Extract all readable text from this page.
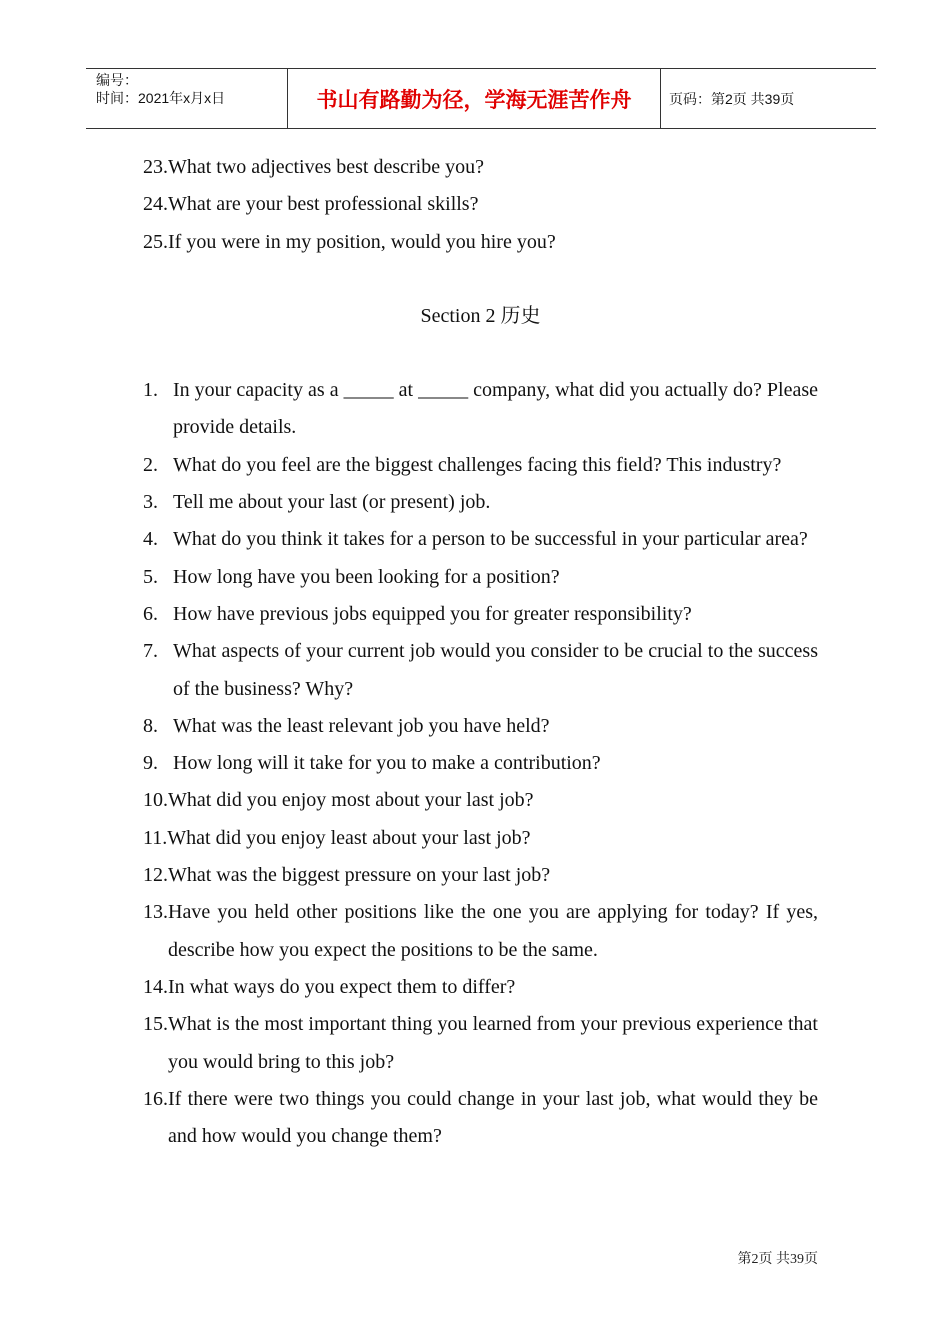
编号：
时间：2021年x月x日	书山有路勤为径，学海无涯苦作舟	页码：第2页 共39页
23. What two adjectives best describe you?
24. What are your best professional skills?
25. If you were in my position, would you hire you?
Section 2 历史
1. In your capacity as a _____ at _____ company, what did you actually do? Please provide details.
2. What do you feel are the biggest challenges facing this field? This industry?
3. Tell me about your last (or present) job.
4. What do you think it takes for a person to be successful in your particular area?
5. How long have you been looking for a position?
6. How have previous jobs equipped you for greater responsibility?
7. What aspects of your current job would you consider to be crucial to the success of the business? Why?
8. What was the least relevant job you have held?
9. How long will it take for you to make a contribution?
10. What did you enjoy most about your last job?
11. What did you enjoy least about your last job?
12. What was the biggest pressure on your last job?
13. Have you held other positions like the one you are applying for today? If yes, describe how you expect the positions to be the same.
14. In what ways do you expect them to differ?
15. What is the most important thing you learned from your previous experience that you would bring to this job?
16. If there were two things you could change in your last job, what would they be and how would you change them?
第2页 共39页
